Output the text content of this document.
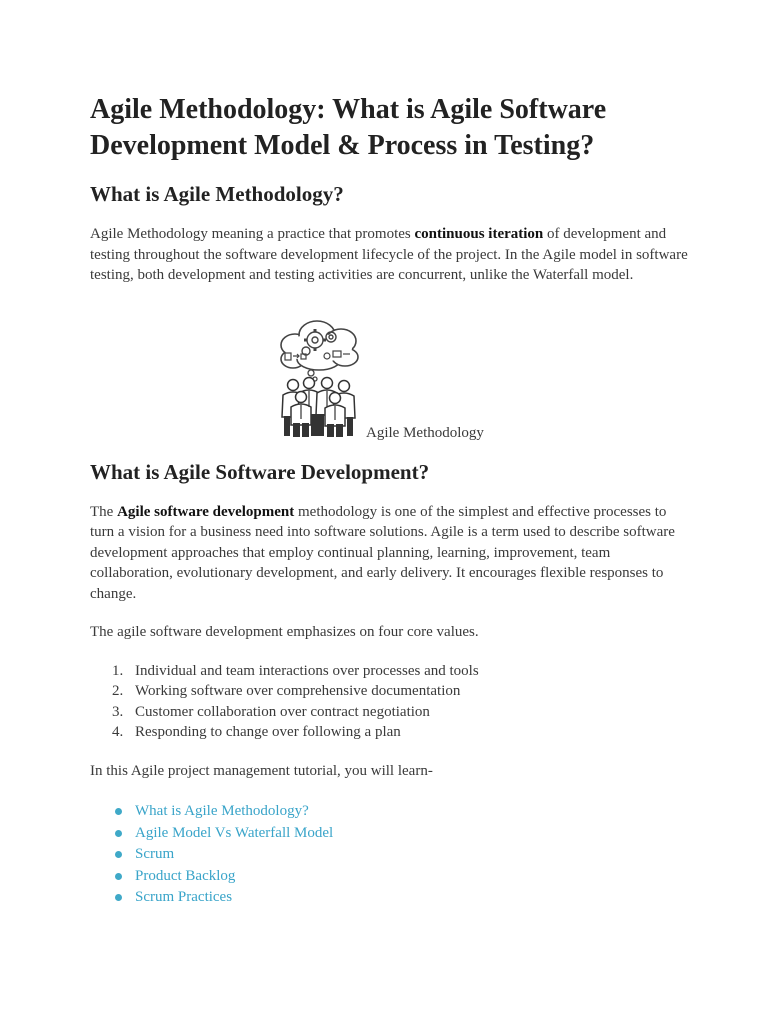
Agile Methodology: What is Agile Software Development Model & Process in Testing?
What is Agile Methodology?

Agile Methodology meaning a practice that promotes continuous iteration of development and testing throughout the software development lifecycle of the project. In the Agile model in software testing, both development and testing activities are concurrent, unlike the Waterfall model.

Agile Methodology
What is Agile Software Development?

The Agile software development methodology is one of the simplest and effective processes to turn a vision for a business need into software solutions. Agile is a term used to describe software development approaches that employ continual planning, learning, improvement, team collaboration, evolutionary development, and early delivery. It encourages flexible responses to change.

The agile software development emphasizes on four core values.

1. Individual and team interactions over processes and tools
2. Working software over comprehensive documentation
3. Customer collaboration over contract negotiation
4. Responding to change over following a plan

In this Agile project management tutorial, you will learn-

What is Agile Methodology?
Agile Model Vs Waterfall Model
Scrum
Product Backlog
Scrum Practices
